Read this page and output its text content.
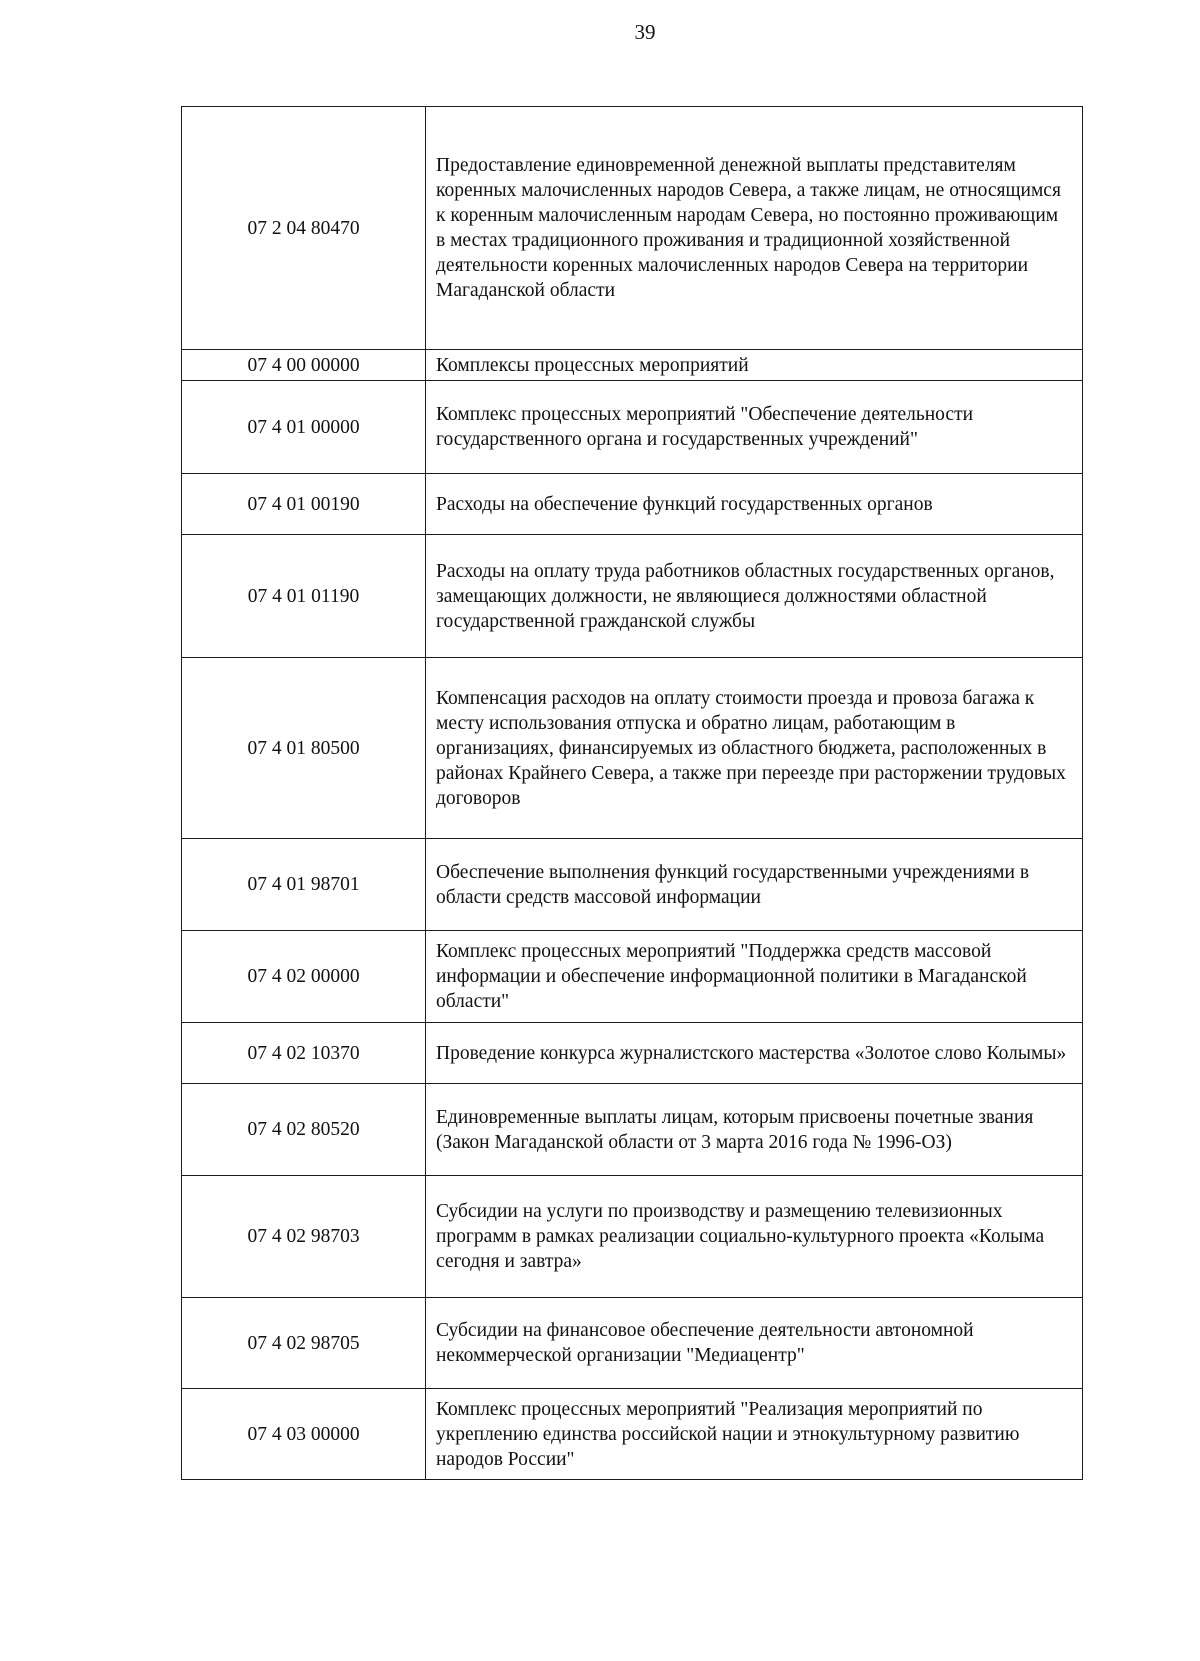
39
07 2 04 80470	Предоставление единовременной денежной выплаты представителям коренных малочисленных народов Севера, а также лицам, не относящимся к коренным малочисленным народам Севера, но постоянно проживающим в местах традиционного проживания и традиционной хозяйственной деятельности коренных малочисленных народов Севера на территории Магаданской области
07 4 00 00000	Комплексы процессных мероприятий
07 4 01 00000	Комплекс процессных мероприятий "Обеспечение деятельности государственного органа и государственных учреждений"
07 4 01 00190	Расходы на обеспечение функций государственных органов
07 4 01 01190	Расходы на оплату труда работников областных государственных органов, замещающих должности, не являющиеся должностями областной государственной гражданской службы
07 4 01 80500	Компенсация расходов на оплату стоимости проезда и провоза багажа к месту использования отпуска и обратно лицам, работающим в организациях, финансируемых из областного бюджета, расположенных в районах Крайнего Севера, а также при переезде при расторжении трудовых договоров
07 4 01 98701	Обеспечение выполнения функций государственными учреждениями в области средств массовой информации
07 4 02 00000	Комплекс процессных мероприятий "Поддержка средств массовой информации и обеспечение информационной политики в Магаданской области"
07 4 02 10370	Проведение конкурса журналистского мастерства «Золотое слово Колымы»
07 4 02 80520	Единовременные выплаты лицам, которым присвоены почетные звания (Закон Магаданской области от 3 марта 2016 года № 1996-ОЗ)
07 4 02 98703	Субсидии на услуги по производству и размещению телевизионных программ в рамках реализации социально-культурного проекта «Колыма сегодня и завтра»
07 4 02 98705	Субсидии на финансовое обеспечение деятельности автономной некоммерческой организации "Медиацентр"
07 4 03 00000	Комплекс процессных мероприятий "Реализация мероприятий по укреплению единства российской нации и этнокультурному развитию народов России"
